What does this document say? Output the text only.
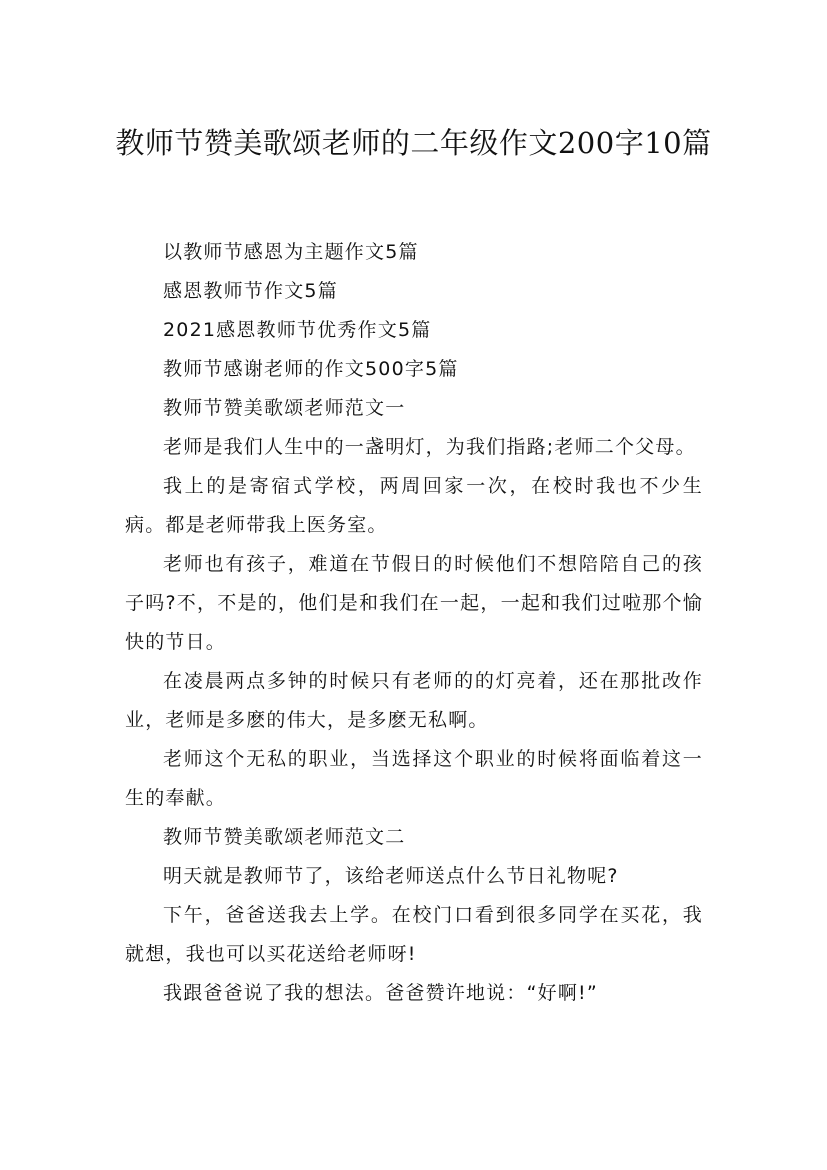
教师节赞美歌颂老师的二年级作文200字10篇

以教师节感恩为主题作文5篇

感恩教师节作文5篇

2021感恩教师节优秀作文5篇

教师节感谢老师的作文500字5篇

教师节赞美歌颂老师范文一

老师是我们人生中的一盏明灯，为我们指路;老师二个父母。

我上的是寄宿式学校，两周回家一次，在校时我也不少生病。都是老师带我上医务室。

老师也有孩子，难道在节假日的时候他们不想陪陪自己的孩子吗?不，不是的，他们是和我们在一起，一起和我们过啦那个愉快的节日。

在凌晨两点多钟的时候只有老师的的灯亮着，还在那批改作业，老师是多麽的伟大，是多麽无私啊。

老师这个无私的职业，当选择这个职业的时候将面临着这一生的奉献。

教师节赞美歌颂老师范文二

明天就是教师节了，该给老师送点什么节日礼物呢?

下午，爸爸送我去上学。在校门口看到很多同学在买花，我就想，我也可以买花送给老师呀!

我跟爸爸说了我的想法。爸爸赞许地说：“好啊!”
